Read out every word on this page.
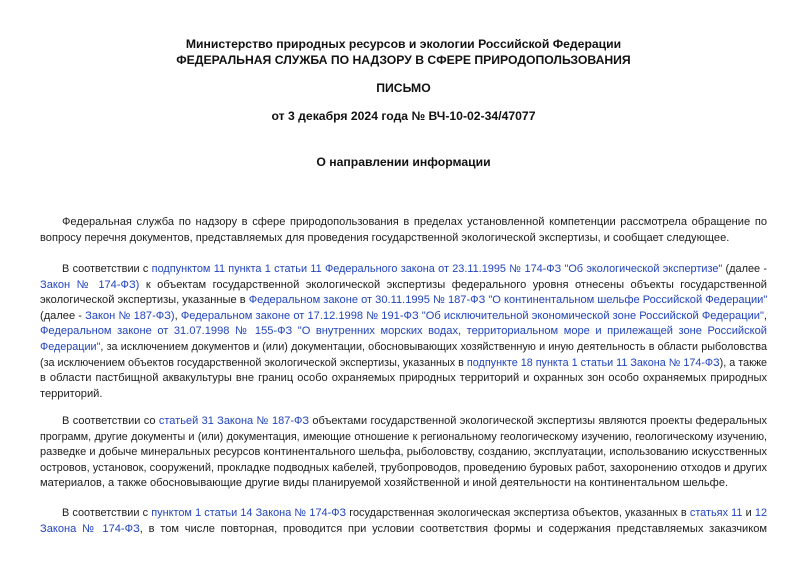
Министерство природных ресурсов и экологии Российской Федерации
ФЕДЕРАЛЬНАЯ СЛУЖБА ПО НАДЗОРУ В СФЕРЕ ПРИРОДОПОЛЬЗОВАНИЯ
ПИСЬМО
от 3 декабря 2024 года № ВЧ-10-02-34/47077
О направлении информации
Федеральная служба по надзору в сфере природопользования в пределах установленной компетенции рассмотрела обращение по
вопросу перечня документов, представляемых для проведения государственной экологической экспертизы, и сообщает следующее.
В соответствии с подпунктом 11 пункта 1 статьи 11 Федерального закона от 23.11.1995 № 174-ФЗ "Об экологической экспертизе" (далее -
Закон № 174-ФЗ) к объектам государственной экологической экспертизы федерального уровня отнесены объекты государственной
экологической экспертизы, указанные в Федеральном законе от 30.11.1995 № 187-ФЗ "О континентальном шельфе Российской Федерации"
(далее - Закон № 187-ФЗ), Федеральном законе от 17.12.1998 № 191-ФЗ "Об исключительной экономической зоне Российской Федерации",
Федеральном законе от 31.07.1998 № 155-ФЗ "О внутренних морских водах, территориальном море и прилежащей зоне Российской
Федерации", за исключением документов и (или) документации, обосновывающих хозяйственную и иную деятельность в области рыболовства
(за исключением объектов государственной экологической экспертизы, указанных в подпункте 18 пункта 1 статьи 11 Закона № 174-ФЗ), а также
в области пастбищной аквакультуры вне границ особо охраняемых природных территорий и охранных зон особо охраняемых природных
территорий.
В соответствии со статьей 31 Закона № 187-ФЗ объектами государственной экологической экспертизы являются проекты федеральных
программ, другие документы и (или) документация, имеющие отношение к региональному геологическому изучению, геологическому изучению,
разведке и добыче минеральных ресурсов континентального шельфа, рыболовству, созданию, эксплуатации, использованию искусственных
островов, установок, сооружений, прокладке подводных кабелей, трубопроводов, проведению буровых работ, захоронению отходов и других
материалов, а также обосновывающие другие виды планируемой хозяйственной и иной деятельности на континентальном шельфе.
В соответствии с пунктом 1 статьи 14 Закона № 174-ФЗ государственная экологическая экспертиза объектов, указанных в статьях 11 и 12
Закона № 174-ФЗ, в том числе повторная, проводится при условии соответствия формы и содержания представляемых заказчиком
